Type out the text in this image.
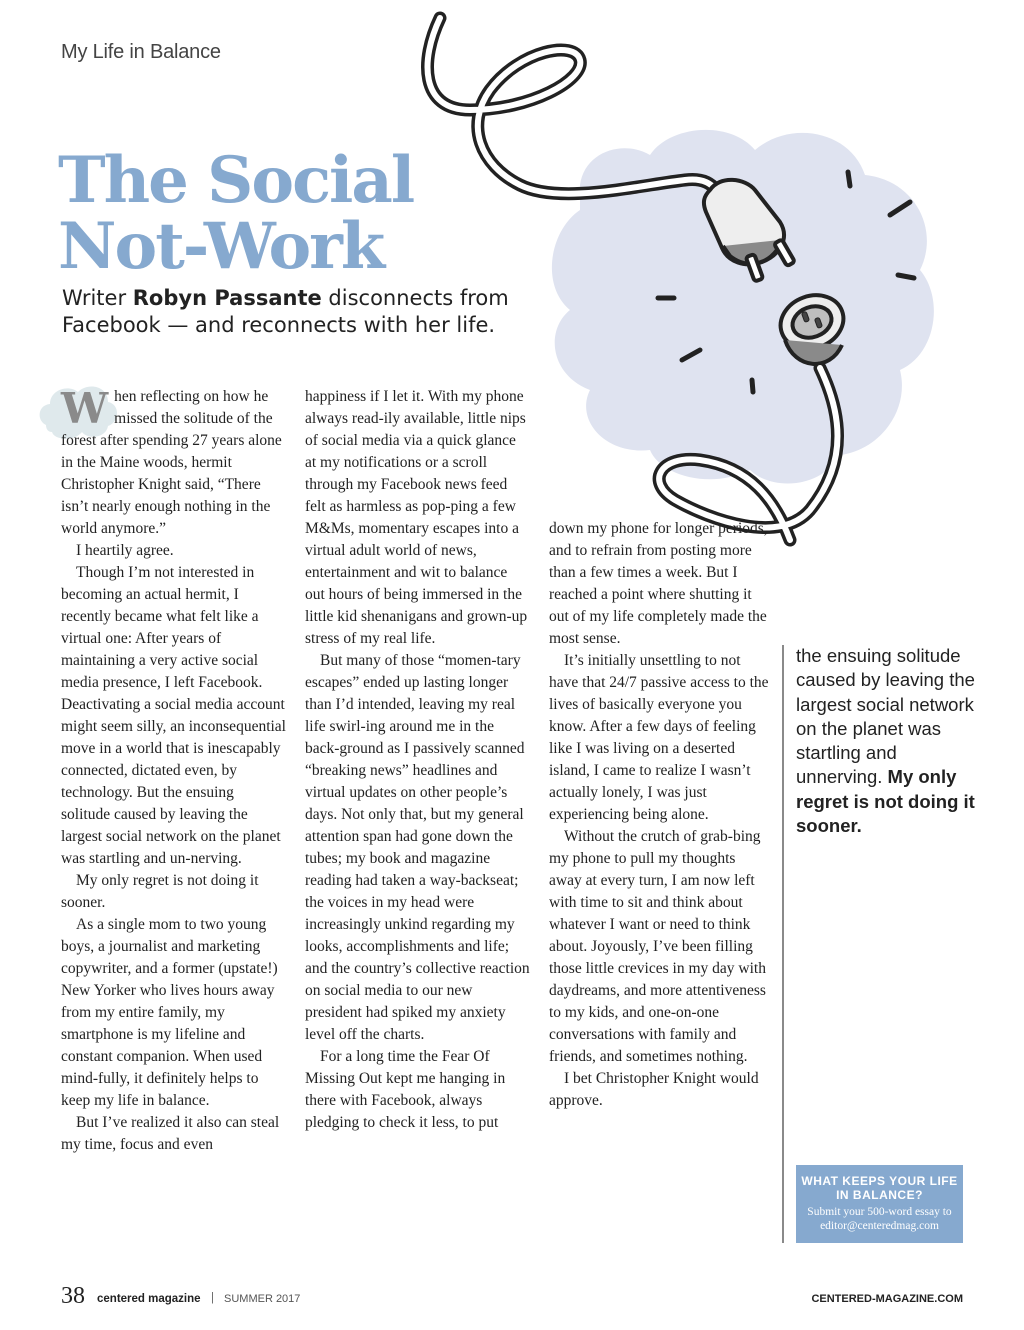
My Life in Balance
The Social
Not-Work
Writer Robyn Passante disconnects from Facebook — and reconnects with her life.

When reflecting on how he missed the solitude of the forest after spending 27 years alone in the Maine woods, hermit Christopher Knight said, “There isn’t nearly enough nothing in the world anymore.”

I heartily agree.

Though I’m not interested in becoming an actual hermit, I recently became what felt like a virtual one: After years of maintaining a very active social media presence, I left Facebook. Deactivating a social media account might seem silly, an inconsequential move in a world that is inescapably connected, dictated even, by technology. But the ensuing solitude caused by leaving the largest social network on the planet was startling and un-nerving.

My only regret is not doing it sooner.

As a single mom to two young boys, a journalist and marketing copywriter, and a former (upstate!) New Yorker who lives hours away from my entire family, my smartphone is my lifeline and constant companion. When used mind-fully, it definitely helps to keep my life in balance.

But I’ve realized it also can steal my time, focus and even

happiness if I let it. With my phone always read-ily available, little nips of social media via a quick glance at my notifications or a scroll through my Facebook news feed felt as harmless as pop-ping a few M&Ms, momentary escapes into a virtual adult world of news, entertainment and wit to balance out hours of being immersed in the little kid shenanigans and grown-up stress of my real life.

But many of those “momen-tary escapes” ended up lasting longer than I’d intended, leaving my real life swirl-ing around me in the back-ground as I passively scanned “breaking news” headlines and virtual updates on other people’s days. Not only that, but my general attention span had gone down the tubes; my book and magazine reading had taken a way-backseat; the voices in my head were increasingly unkind regarding my looks, accomplishments and life; and the country’s collective reaction on social media to our new president had spiked my anxiety level off the charts.

For a long time the Fear Of Missing Out kept me hanging in there with Facebook, always pledging to check it less, to put

down my phone for longer periods, and to refrain from posting more than a few times a week. But I reached a point where shutting it out of my life completely made the most sense.

It’s initially unsettling to not have that 24/7 passive access to the lives of basically everyone you know. After a few days of feeling like I was living on a deserted island, I came to realize I wasn’t actually lonely, I was just experiencing being alone.

Without the crutch of grab-bing my phone to pull my thoughts away at every turn, I am now left with time to sit and think about whatever I want or need to think about. Joyously, I’ve been filling those little crevices in my day with daydreams, and more attentiveness to my kids, and one-on-one conversations with family and friends, and sometimes nothing.

I bet Christopher Knight would approve.

the ensuing solitude caused by leaving the largest social network on the planet was startling and unnerving. My only regret is not doing it sooner.
WHAT KEEPS YOUR LIFE IN BALANCE?
Submit your 500-word essay to editor@centeredmag.com
38 centered magazine | SUMMER 2017	CENTERED-MAGAZINE.COM
